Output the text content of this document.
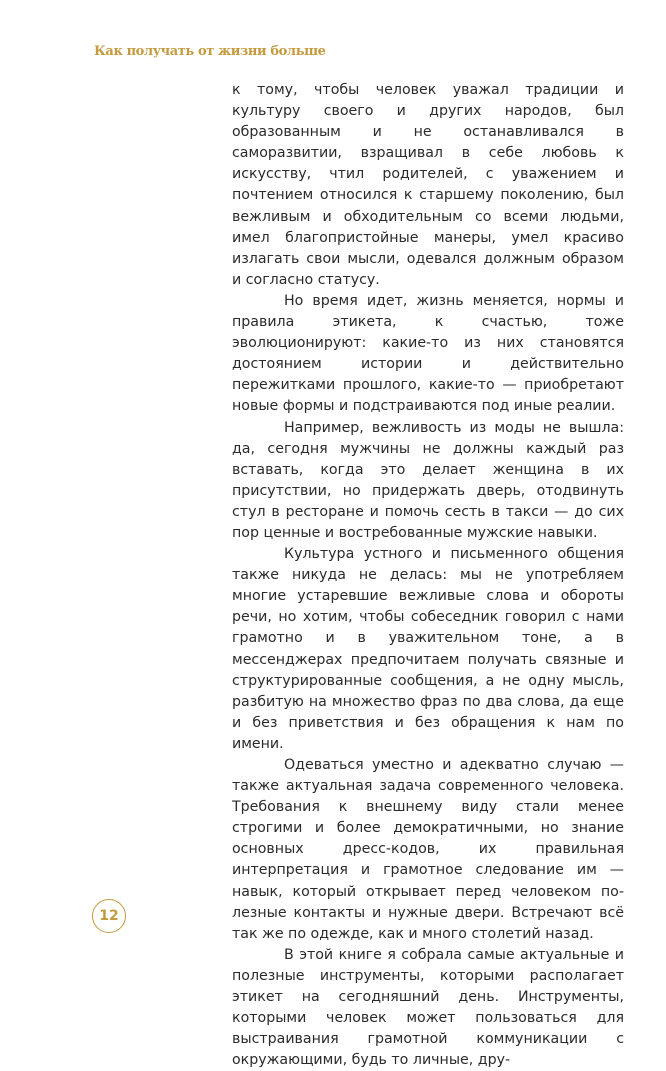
Как получать от жизни больше

к тому, чтобы человек уважал традиции и культуру своего и других народов, был образованным и не останавливался в саморазвитии, взращивал в себе любовь к искусству, чтил родителей, с уважением и почтением относился к старшему поколению, был вежливым и обходительным со всеми людьми, имел благопристойные манеры, умел красиво излагать свои мысли, одевался должным образом и согласно статусу.

Но время идет, жизнь меняется, нормы и правила этикета, к счастью, тоже эволюционируют: какие-то из них становятся достоянием истории и действительно пережитками прошлого, какие-то — приобретают новые формы и подстраиваются под иные реалии.

Например, вежливость из моды не вышла: да, сегодня мужчины не должны каждый раз вставать, когда это делает женщина в их присутствии, но придержать дверь, отодвинуть стул в ресторане и помочь сесть в такси — до сих пор ценные и востребованные мужские навыки.

Культура устного и письменного общения также никуда не делась: мы не употребляем многие устаревшие вежливые слова и обороты речи, но хотим, чтобы собеседник говорил с нами грамотно и в уважительном тоне, а в мессенджерах предпочитаем получать связные и структурированные сообщения, а не одну мысль, разбитую на множество фраз по два слова, да еще и без приветствия и без обращения к нам по имени.

Одеваться уместно и адекватно случаю — также актуальная задача современного человека. Требования к внешнему виду стали менее строгими и более демократичными, но знание основных дресс-кодов, их правильная интерпретация и грамотное следование им — навык, который открывает перед человеком полезные контакты и нужные двери. Встречают всё так же по одежде, как и много столетий назад.

В этой книге я собрала самые актуальные и полезные инструменты, которыми располагает этикет на сегодняшний день. Инструменты, которыми человек может пользоваться для выстраивания грамотной коммуникации с окружающими, будь то личные, дру-

12
